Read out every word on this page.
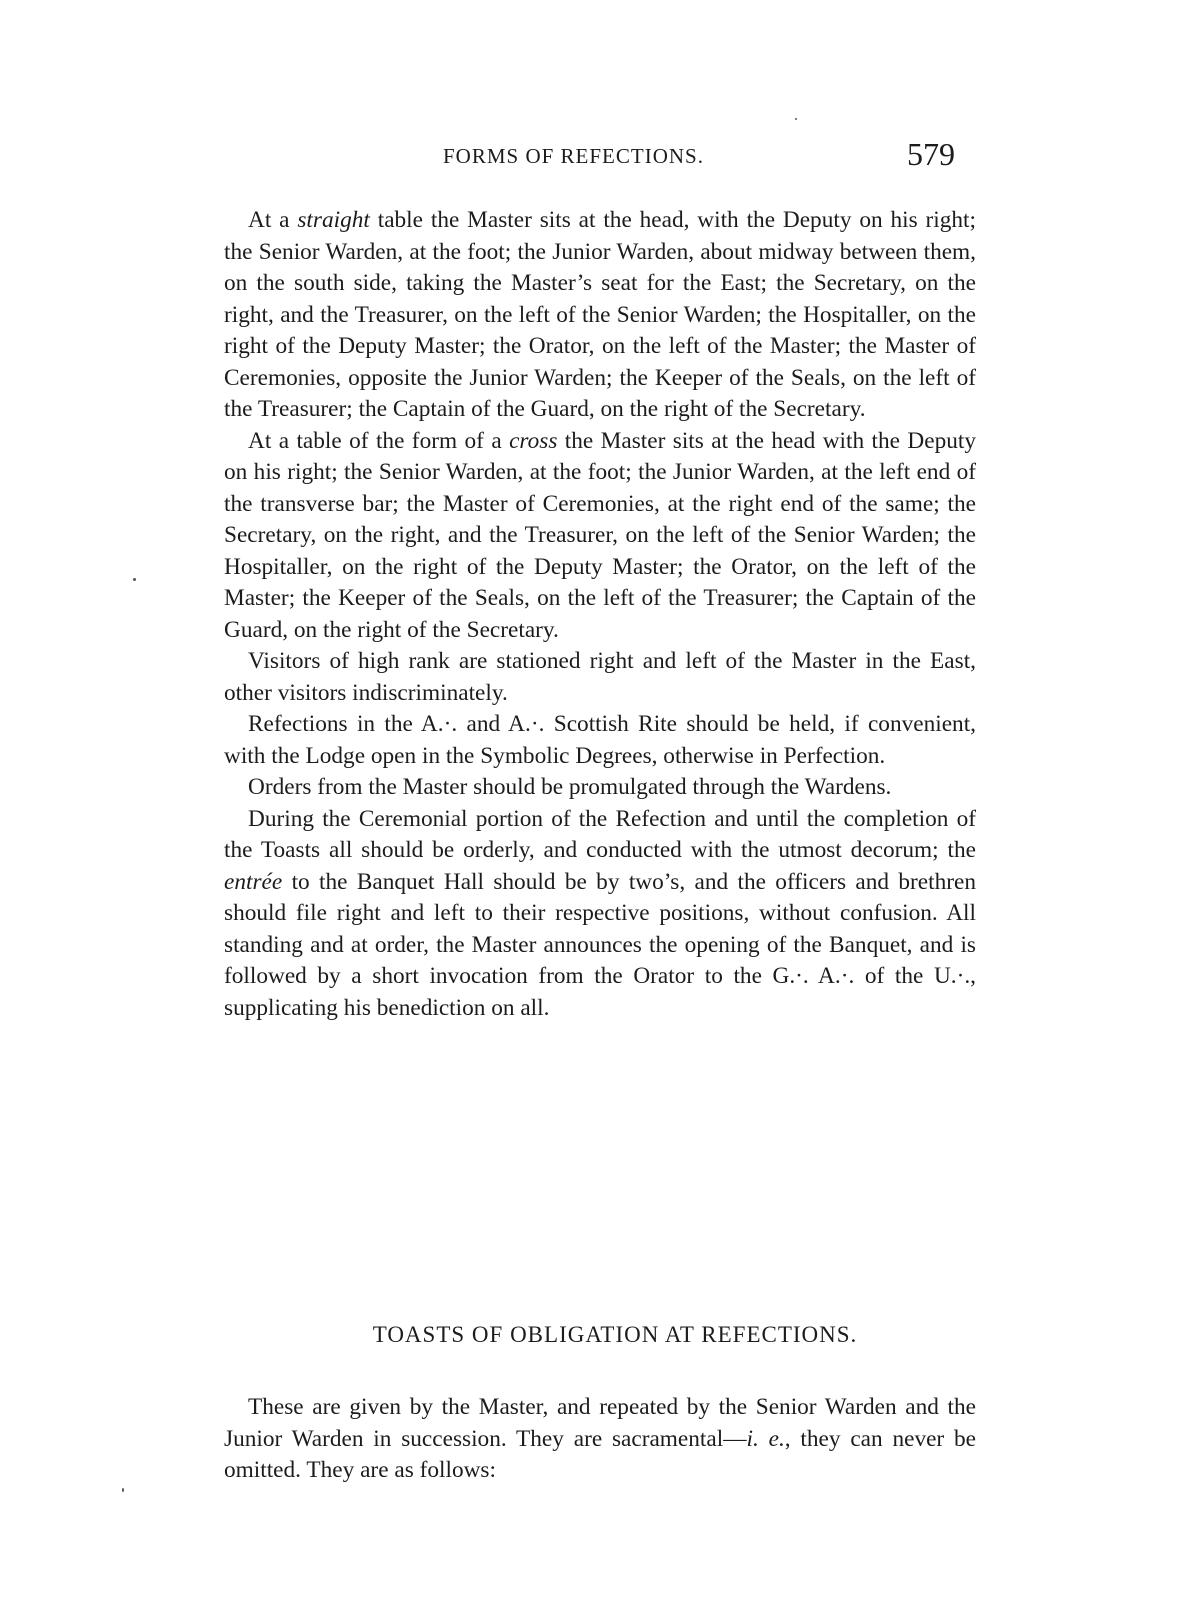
FORMS OF REFECTIONS.	579

At a straight table the Master sits at the head, with the Deputy on his right; the Senior Warden, at the foot; the Junior Warden, about midway between them, on the south side, taking the Master’s seat for the East; the Secretary, on the right, and the Treasurer, on the left of the Senior Warden; the Hospitaller, on the right of the Deputy Master; the Orator, on the left of the Master; the Master of Ceremonies, opposite the Junior Warden; the Keeper of the Seals, on the left of the Treasurer; the Captain of the Guard, on the right of the Secretary.

At a table of the form of a cross the Master sits at the head with the Deputy on his right; the Senior Warden, at the foot; the Junior Warden, at the left end of the transverse bar; the Master of Ceremonies, at the right end of the same; the Secretary, on the right, and the Treasurer, on the left of the Senior Warden; the Hospitaller, on the right of the Deputy Master; the Orator, on the left of the Master; the Keeper of the Seals, on the left of the Treasurer; the Captain of the Guard, on the right of the Secretary.

Visitors of high rank are stationed right and left of the Master in the East, other visitors indiscriminately.

Refections in the A.·. and A.·. Scottish Rite should be held, if convenient, with the Lodge open in the Symbolic Degrees, otherwise in Perfection.

Orders from the Master should be promulgated through the Wardens.

During the Ceremonial portion of the Refection and until the completion of the Toasts all should be orderly, and conducted with the utmost decorum; the entrée to the Banquet Hall should be by two’s, and the officers and brethren should file right and left to their respective positions, without confusion. All standing and at order, the Master announces the opening of the Banquet, and is followed by a short invocation from the Orator to the G.·. A.·. of the U.·., supplicating his benediction on all.

TOASTS OF OBLIGATION AT REFECTIONS.

These are given by the Master, and repeated by the Senior Warden and the Junior Warden in succession. They are sacramental—i. e., they can never be omitted. They are as follows:
